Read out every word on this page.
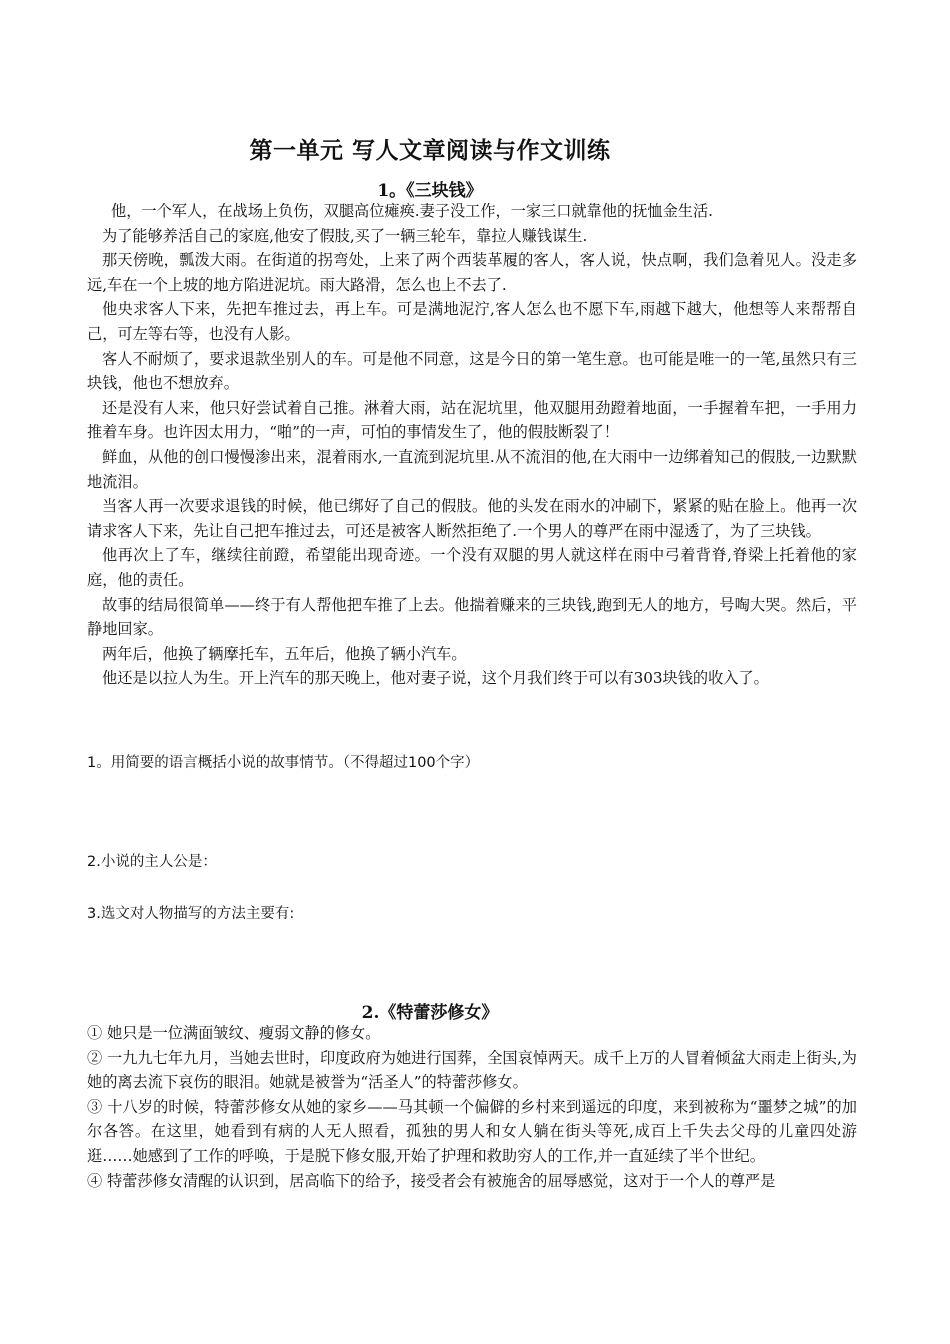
第一单元 写人文章阅读与作文训练
1。《三块钱》

他，一个军人，在战场上负伤，双腿高位瘫痪.妻子没工作，一家三口就靠他的抚恤金生活.

为了能够养活自己的家庭,他安了假肢,买了一辆三轮车，靠拉人赚钱谋生.

那天傍晚，瓢泼大雨。在街道的拐弯处，上来了两个西装革履的客人，客人说，快点啊，我们急着见人。没走多远,车在一个上坡的地方陷进泥坑。雨大路滑，怎么也上不去了.

他央求客人下来，先把车推过去，再上车。可是满地泥泞,客人怎么也不愿下车,雨越下越大，他想等人来帮帮自己，可左等右等，也没有人影。

客人不耐烦了，要求退款坐别人的车。可是他不同意，这是今日的第一笔生意。也可能是唯一的一笔,虽然只有三块钱，他也不想放弃。

还是没有人来，他只好尝试着自己推。淋着大雨，站在泥坑里，他双腿用劲蹬着地面，一手握着车把，一手用力推着车身。也许因太用力，“啪”的一声，可怕的事情发生了，他的假肢断裂了！

鲜血，从他的创口慢慢渗出来，混着雨水,一直流到泥坑里.从不流泪的他,在大雨中一边绑着知己的假肢,一边默默地流泪。

当客人再一次要求退钱的时候，他已绑好了自己的假肢。他的头发在雨水的冲刷下，紧紧的贴在脸上。他再一次请求客人下来，先让自己把车推过去，可还是被客人断然拒绝了.一个男人的尊严在雨中湿透了，为了三块钱。

他再次上了车，继续往前蹬，希望能出现奇迹。一个没有双腿的男人就这样在雨中弓着背脊,脊梁上托着他的家庭，他的责任。

故事的结局很简单——终于有人帮他把车推了上去。他揣着赚来的三块钱,跑到无人的地方，号啕大哭。然后，平静地回家。

两年后，他换了辆摩托车，五年后，他换了辆小汽车。

他还是以拉人为生。开上汽车的那天晚上，他对妻子说，这个月我们终于可以有303块钱的收入了。

1。用简要的语言概括小说的故事情节。（不得超过100个字）
2.小说的主人公是：
3.选文对人物描写的方法主要有:
2.《特蕾莎修女》

① 她只是一位满面皱纹、瘦弱文静的修女。

② 一九九七年九月，当她去世时，印度政府为她进行国葬，全国哀悼两天。成千上万的人冒着倾盆大雨走上街头,为她的离去流下哀伤的眼泪。她就是被誉为“活圣人”的特蕾莎修女。

③ 十八岁的时候，特蕾莎修女从她的家乡——马其顿一个偏僻的乡村来到遥远的印度，来到被称为“噩梦之城”的加尔各答。在这里，她看到有病的人无人照看，孤独的男人和女人躺在街头等死,成百上千失去父母的儿童四处游逛……她感到了工作的呼唤，于是脱下修女服,开始了护理和救助穷人的工作,并一直延续了半个世纪。

④ 特蕾莎修女清醒的认识到，居高临下的给予，接受者会有被施舍的屈辱感觉，这对于一个人的尊严是
